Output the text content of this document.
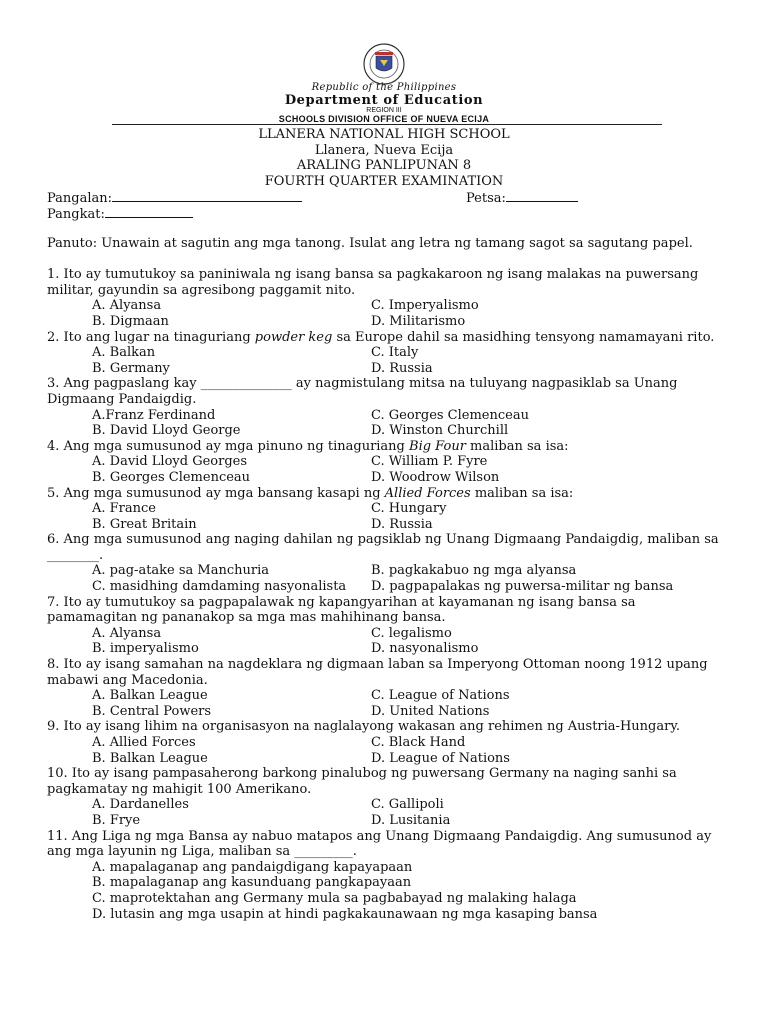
Republic of the Philippines
Department of Education
REGION III
SCHOOLS DIVISION OFFICE OF NUEVA ECIJA
LLANERA NATIONAL HIGH SCHOOL
Llanera, Nueva Ecija
ARALING PANLIPUNAN 8
FOURTH QUARTER EXAMINATION
Pangalan:	Petsa:
Pangkat:

Panuto: Unawain at sagutin ang mga tanong. Isulat ang letra ng tamang sagot sa sagutang papel.

1. Ito ay tumutukoy sa paniniwala ng isang bansa sa pagkakaroon ng isang malakas na puwersang militar, gayundin sa agresibong paggamit nito.

A. Alyansa	C. Imperyalismo
B. Digmaan	D. Militarismo

2. Ito ang lugar na tinaguriang powder keg sa Europe dahil sa masidhing tensyong namamayani rito.

A. Balkan	C. Italy
B. Germany	D. Russia

3. Ang pagpaslang kay ______________ ay nagmistulang mitsa na tuluyang nagpasiklab sa Unang Digmaang Pandaigdig.

A.Franz Ferdinand	C. Georges Clemenceau
B. David Lloyd George	D. Winston Churchill

4. Ang mga sumusunod ay mga pinuno ng tinaguriang Big Four maliban sa isa:

A. David Lloyd Georges	C. William P. Fyre
B. Georges Clemenceau	D. Woodrow Wilson

5. Ang mga sumusunod ay mga bansang kasapi ng Allied Forces maliban sa isa:

A. France	C. Hungary
B. Great Britain	D. Russia

6. Ang mga sumusunod ang naging dahilan ng pagsiklab ng Unang Digmaang Pandaigdig, maliban sa ________.

A. pag-atake sa Manchuria	B. pagkakabuo ng mga alyansa
C. masidhing damdaming nasyonalista	D. pagpapalakas ng puwersa-militar ng bansa

7. Ito ay tumutukoy sa pagpapalawak ng kapangyarihan at kayamanan ng isang bansa sa pamamagitan ng pananakop sa mga mas mahihinang bansa.

A. Alyansa	C. legalismo
B. imperyalismo	D. nasyonalismo

8. Ito ay isang samahan na nagdeklara ng digmaan laban sa Imperyong Ottoman noong 1912 upang mabawi ang Macedonia.

A. Balkan League	C. League of Nations
B. Central Powers	D. United Nations

9. Ito ay isang lihim na organisasyon na naglalayong wakasan ang rehimen ng Austria-Hungary.

A. Allied Forces	C. Black Hand
B. Balkan League	D. League of Nations

10. Ito ay isang pampasaherong barkong pinalubog ng puwersang Germany na naging sanhi sa pagkamatay ng mahigit 100 Amerikano.

A. Dardanelles	C. Gallipoli
B. Frye	D. Lusitania

11. Ang Liga ng mga Bansa ay nabuo matapos ang Unang Digmaang Pandaigdig. Ang sumusunod ay ang mga layunin ng Liga, maliban sa _________.

A. mapalaganap ang pandaigdigang kapayapaan
B. mapalaganap ang kasunduang pangkapayaan
C. maprotektahan ang Germany mula sa pagbabayad ng malaking halaga
D. lutasin ang mga usapin at hindi pagkakaunawaan ng mga kasaping bansa
